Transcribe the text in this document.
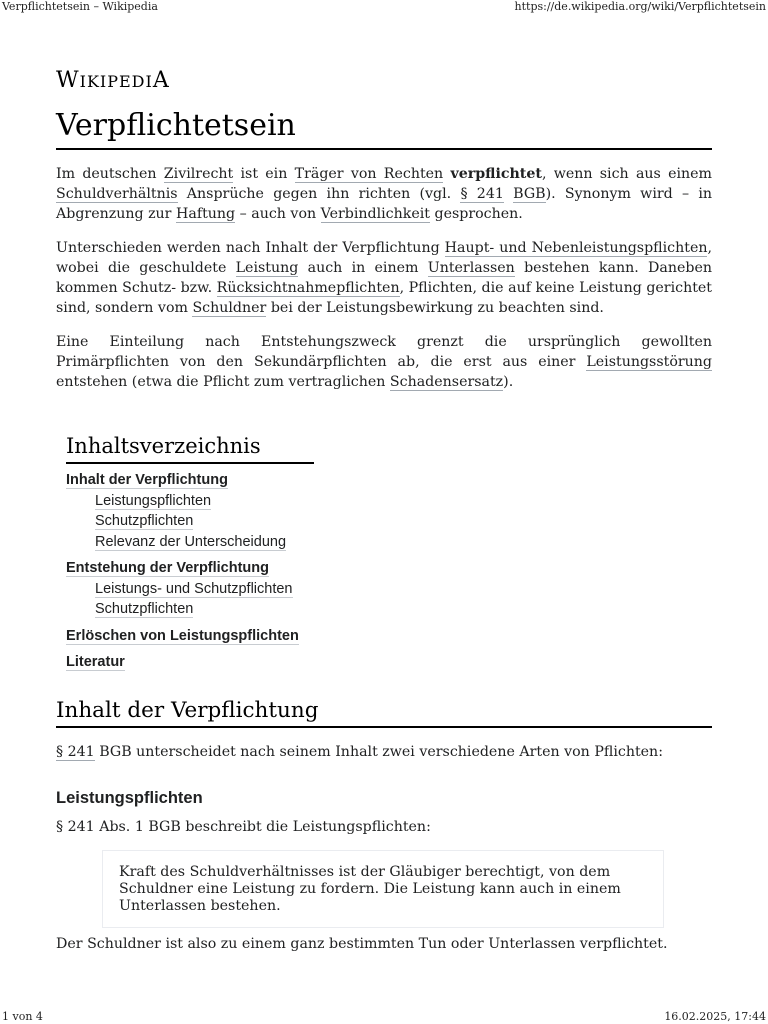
Verpflichtetsein – Wikipedia	https://de.wikipedia.org/wiki/Verpflichtetsein
WIKIPEDIA
Verpflichtetsein

Im deutschen Zivilrecht ist ein Träger von Rechten verpflichtet, wenn sich aus einem Schuldverhältnis Ansprüche gegen ihn richten (vgl. § 241 BGB). Synonym wird – in Abgrenzung zur Haftung – auch von Verbindlichkeit gesprochen.

Unterschieden werden nach Inhalt der Verpflichtung Haupt- und Nebenleistungspflichten, wobei die geschuldete Leistung auch in einem Unterlassen bestehen kann. Daneben kommen Schutz- bzw. Rücksichtnahmepflichten, Pflichten, die auf keine Leistung gerichtet sind, sondern vom Schuldner bei der Leistungsbewirkung zu beachten sind.

Eine Einteilung nach Entstehungszweck grenzt die ursprünglich gewollten Primärpflichten von den Sekundärpflichten ab, die erst aus einer Leistungsstörung entstehen (etwa die Pflicht zum vertraglichen Schadensersatz).

Inhaltsverzeichnis
Inhalt der Verpflichtung
Leistungspflichten
Schutzpflichten
Relevanz der Unterscheidung
Entstehung der Verpflichtung
Leistungs- und Schutzpflichten
Schutzpflichten
Erlöschen von Leistungspflichten
Literatur
Inhalt der Verpflichtung
§ 241 BGB unterscheidet nach seinem Inhalt zwei verschiedene Arten von Pflichten:
Leistungspflichten
§ 241 Abs. 1 BGB beschreibt die Leistungspflichten:
Kraft des Schuldverhältnisses ist der Gläubiger berechtigt, von dem Schuldner eine Leistung zu fordern. Die Leistung kann auch in einem Unterlassen bestehen.
Der Schuldner ist also zu einem ganz bestimmten Tun oder Unterlassen verpflichtet.
1 von 4	16.02.2025, 17:44
